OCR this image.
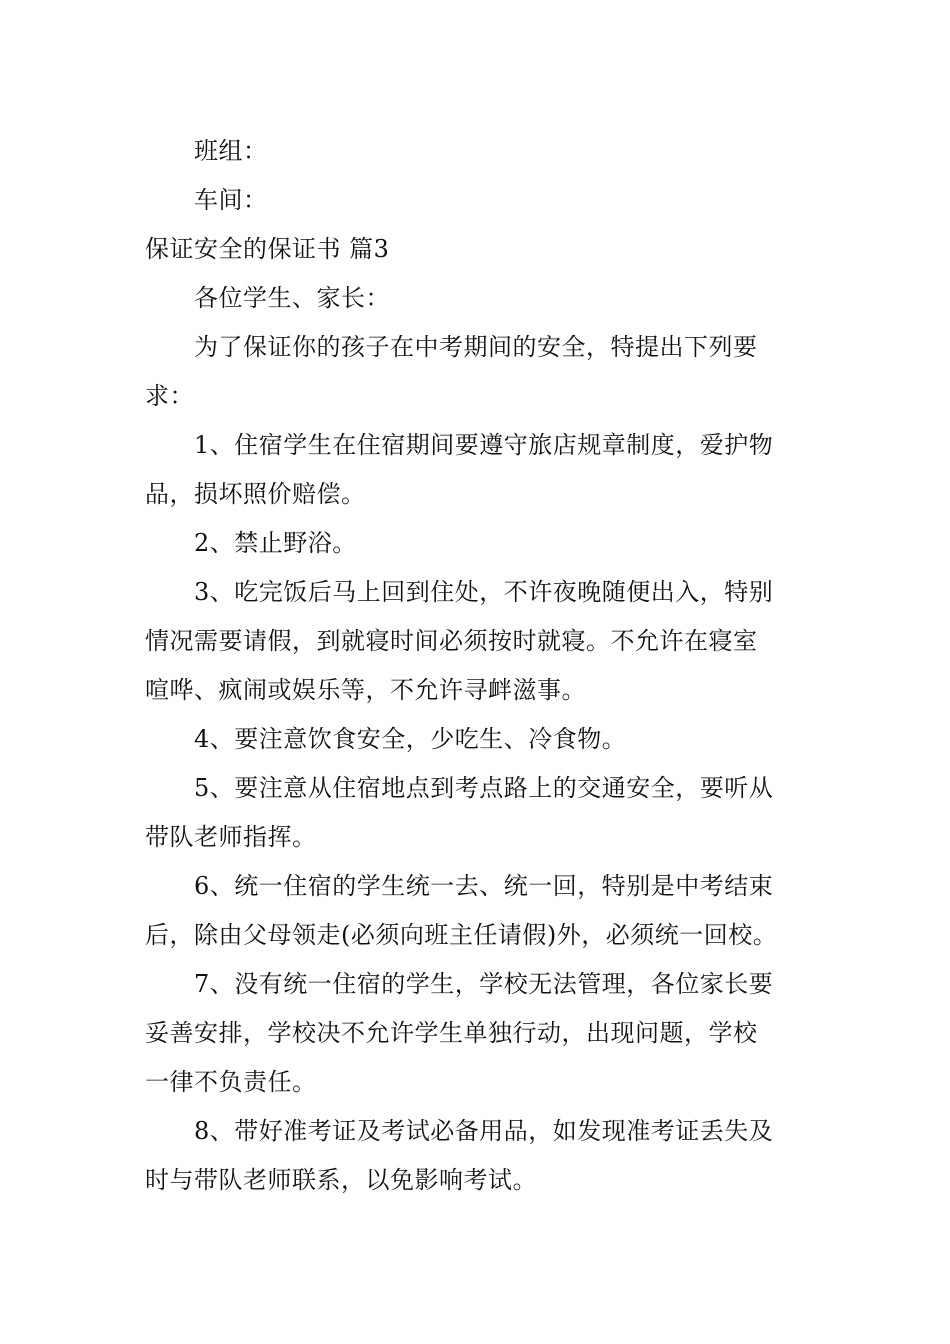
班组：
车间：
保证安全的保证书 篇3
各位学生、家长：
为了保证你的孩子在中考期间的安全，特提出下列要
求：
1、住宿学生在住宿期间要遵守旅店规章制度，爱护物
品，损坏照价赔偿。
2、禁止野浴。
3、吃完饭后马上回到住处，不许夜晚随便出入，特别
情况需要请假，到就寝时间必须按时就寝。不允许在寝室
喧哗、疯闹或娱乐等，不允许寻衅滋事。
4、要注意饮食安全，少吃生、冷食物。
5、要注意从住宿地点到考点路上的交通安全，要听从
带队老师指挥。
6、统一住宿的学生统一去、统一回，特别是中考结束
后，除由父母领走(必须向班主任请假)外，必须统一回校。
7、没有统一住宿的学生，学校无法管理，各位家长要
妥善安排，学校决不允许学生单独行动，出现问题，学校
一律不负责任。
8、带好准考证及考试必备用品，如发现准考证丢失及
时与带队老师联系，以免影响考试。
